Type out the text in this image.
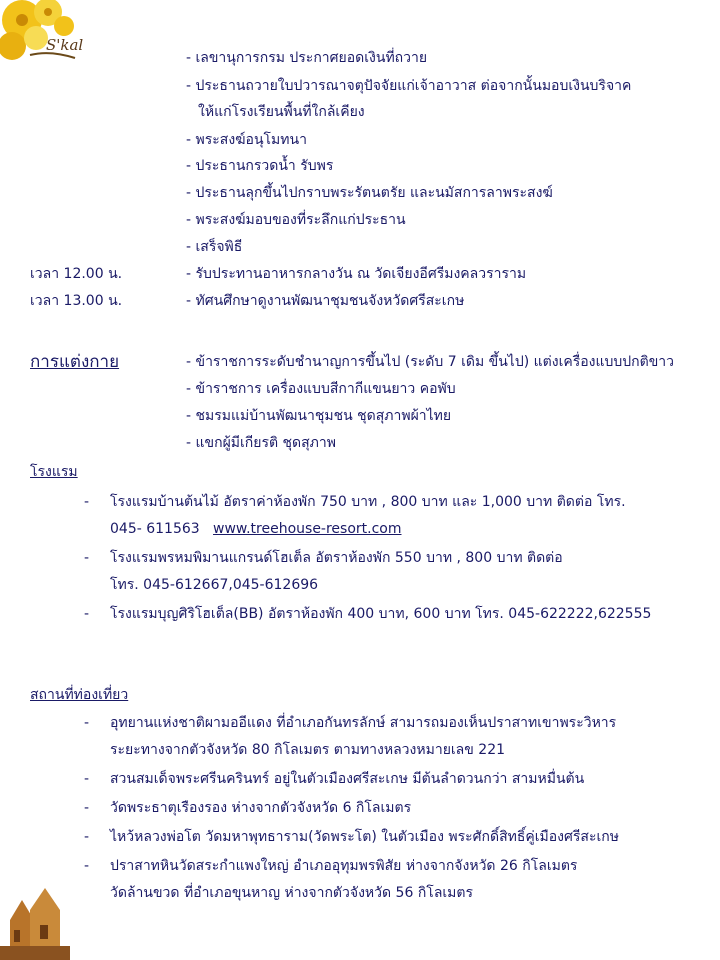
S'kal
- เลขานุการกรม ประกาศยอดเงินที่ถวาย
- ประธานถวายใบปวารณาจตุปัจจัยแก่เจ้าอาวาส ต่อจากนั้นมอบเงินบริจาค
ให้แก่โรงเรียนพื้นที่ใกล้เคียง
- พระสงฆ์อนุโมทนา
- ประธานกรวดน้ำ รับพร
- ประธานลุกขึ้นไปกราบพระรัตนตรัย และนมัสการลาพระสงฆ์
- พระสงฆ์มอบของที่ระลึกแก่ประธาน
- เสร็จพิธี
เวลา 12.00 น.	- รับประทานอาหารกลางวัน ณ วัดเจียงอีศรีมงคลวราราม
เวลา 13.00 น.	- ทัศนศึกษาดูงานพัฒนาชุมชนจังหวัดศรีสะเกษ
การแต่งกาย	- ข้าราชการระดับชำนาญการขึ้นไป (ระดับ 7 เดิม ขึ้นไป) แต่งเครื่องแบบปกติขาว
- ข้าราชการ เครื่องแบบสีกากีแขนยาว คอพับ
- ชมรมแม่บ้านพัฒนาชุมชน ชุดสุภาพผ้าไทย
- แขกผู้มีเกียรติ ชุดสุภาพ
โรงแรม
- โรงแรมบ้านต้นไม้ อัตราค่าห้องพัก 750 บาท , 800 บาท และ 1,000 บาท ติดต่อ โทร.
045- 611563 www.treehouse-resort.com
- โรงแรมพรหมพิมานแกรนด์โฮเต็ล อัตราห้องพัก 550 บาท , 800 บาท ติดต่อ
โทร. 045-612667,045-612696
- โรงแรมบุญศิริโฮเต็ล(BB) อัตราห้องพัก 400 บาท, 600 บาท โทร. 045-622222,622555
สถานที่ท่องเที่ยว
- อุทยานแห่งชาติผามออีแดง ที่อำเภอกันทรลักษ์ สามารถมองเห็นปราสาทเขาพระวิหาร
ระยะทางจากตัวจังหวัด 80 กิโลเมตร ตามทางหลวงหมายเลข 221
- สวนสมเด็จพระศรีนครินทร์ อยู่ในตัวเมืองศรีสะเกษ มีต้นลำดวนกว่า สามหมื่นต้น
- วัดพระธาตุเรืองรอง ห่างจากตัวจังหวัด 6 กิโลเมตร
- ไหว้หลวงพ่อโต วัดมหาพุทธาราม(วัดพระโต) ในตัวเมือง พระศักดิ์สิทธิ์คู่เมืองศรีสะเกษ
- ปราสาทหินวัดสระกำแพงใหญ่ อำเภออุทุมพรพิสัย ห่างจากจังหวัด 26 กิโลเมตร
วัดล้านขวด ที่อำเภอขุนหาญ ห่างจากตัวจังหวัด 56 กิโลเมตร
